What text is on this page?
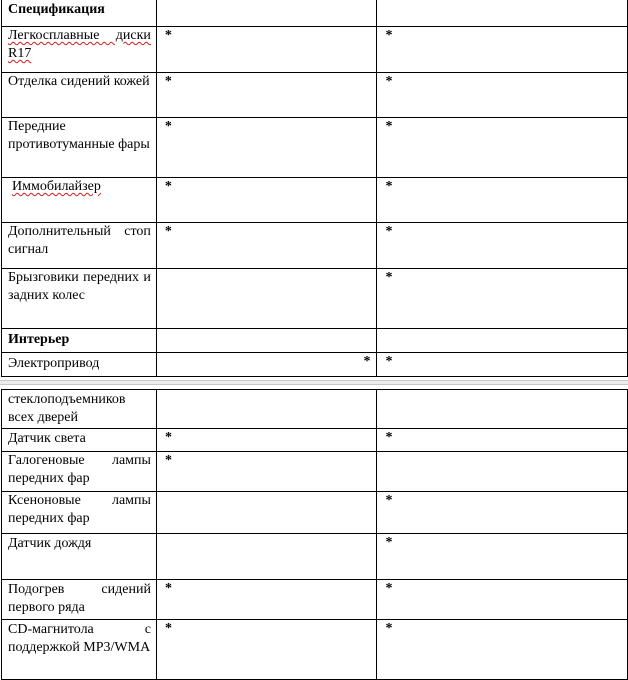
Спецификация		
Легкосплавные диски R17	*	*
Отделка сидений кожей	*	*
Передние противотуманные фары	*	*
Иммобилайзер	*	*
Дополнительный стоп сигнал	*	*
Брызговики передних и задних колес		*
Интерьер		
Электропривод	*	*
стеклоподъемников всех дверей		
Датчик света	*	*
Галогеновые лампы передних фар	*	
Ксеноновые лампы передних фар		*
Датчик дождя		*
Подогрев сидений первого ряда	*	*
CD-магнитола с поддержкой MP3/WMA	*	*
